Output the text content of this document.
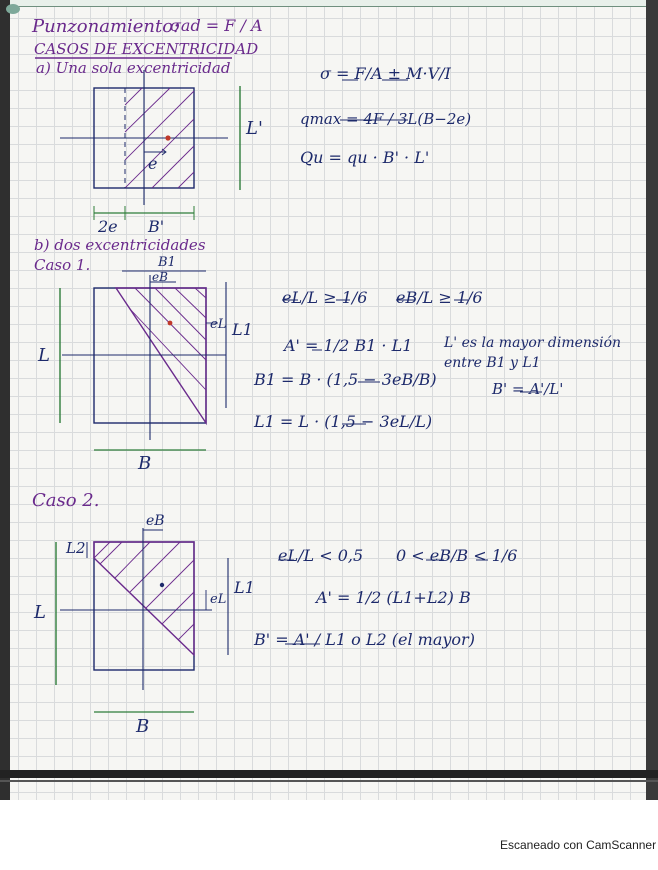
Punzonamiento:
σad = F / A
CASOS DE EXCENTRICIDAD
a) Una sola excentricidad
L'
e
2e B'
σ = F/A ± M·V/I
qmax = 4F / 3L(B−2e)
Qu = qu · B' · L'
b) dos excentricidades
Caso 1.	B1
eB
eL L1
L
B
eL/L ≥ 1/6 eB/L ≥ 1/6
A' = 1/2 B1 · L1
B1 = B · (1,5 − 3eB/B)
L1 = L · (1,5 − 3eL/L)
L' es la mayor dimensión
entre B1 y L1
B' = A'/L'
Caso 2.
eB
L2
eL
L1
L
B
eL/L < 0,5 0 < eB/B < 1/6
A' = 1/2 (L1+L2) B
B' = A' / L1 o L2 (el mayor)
Escaneado con CamScanner
